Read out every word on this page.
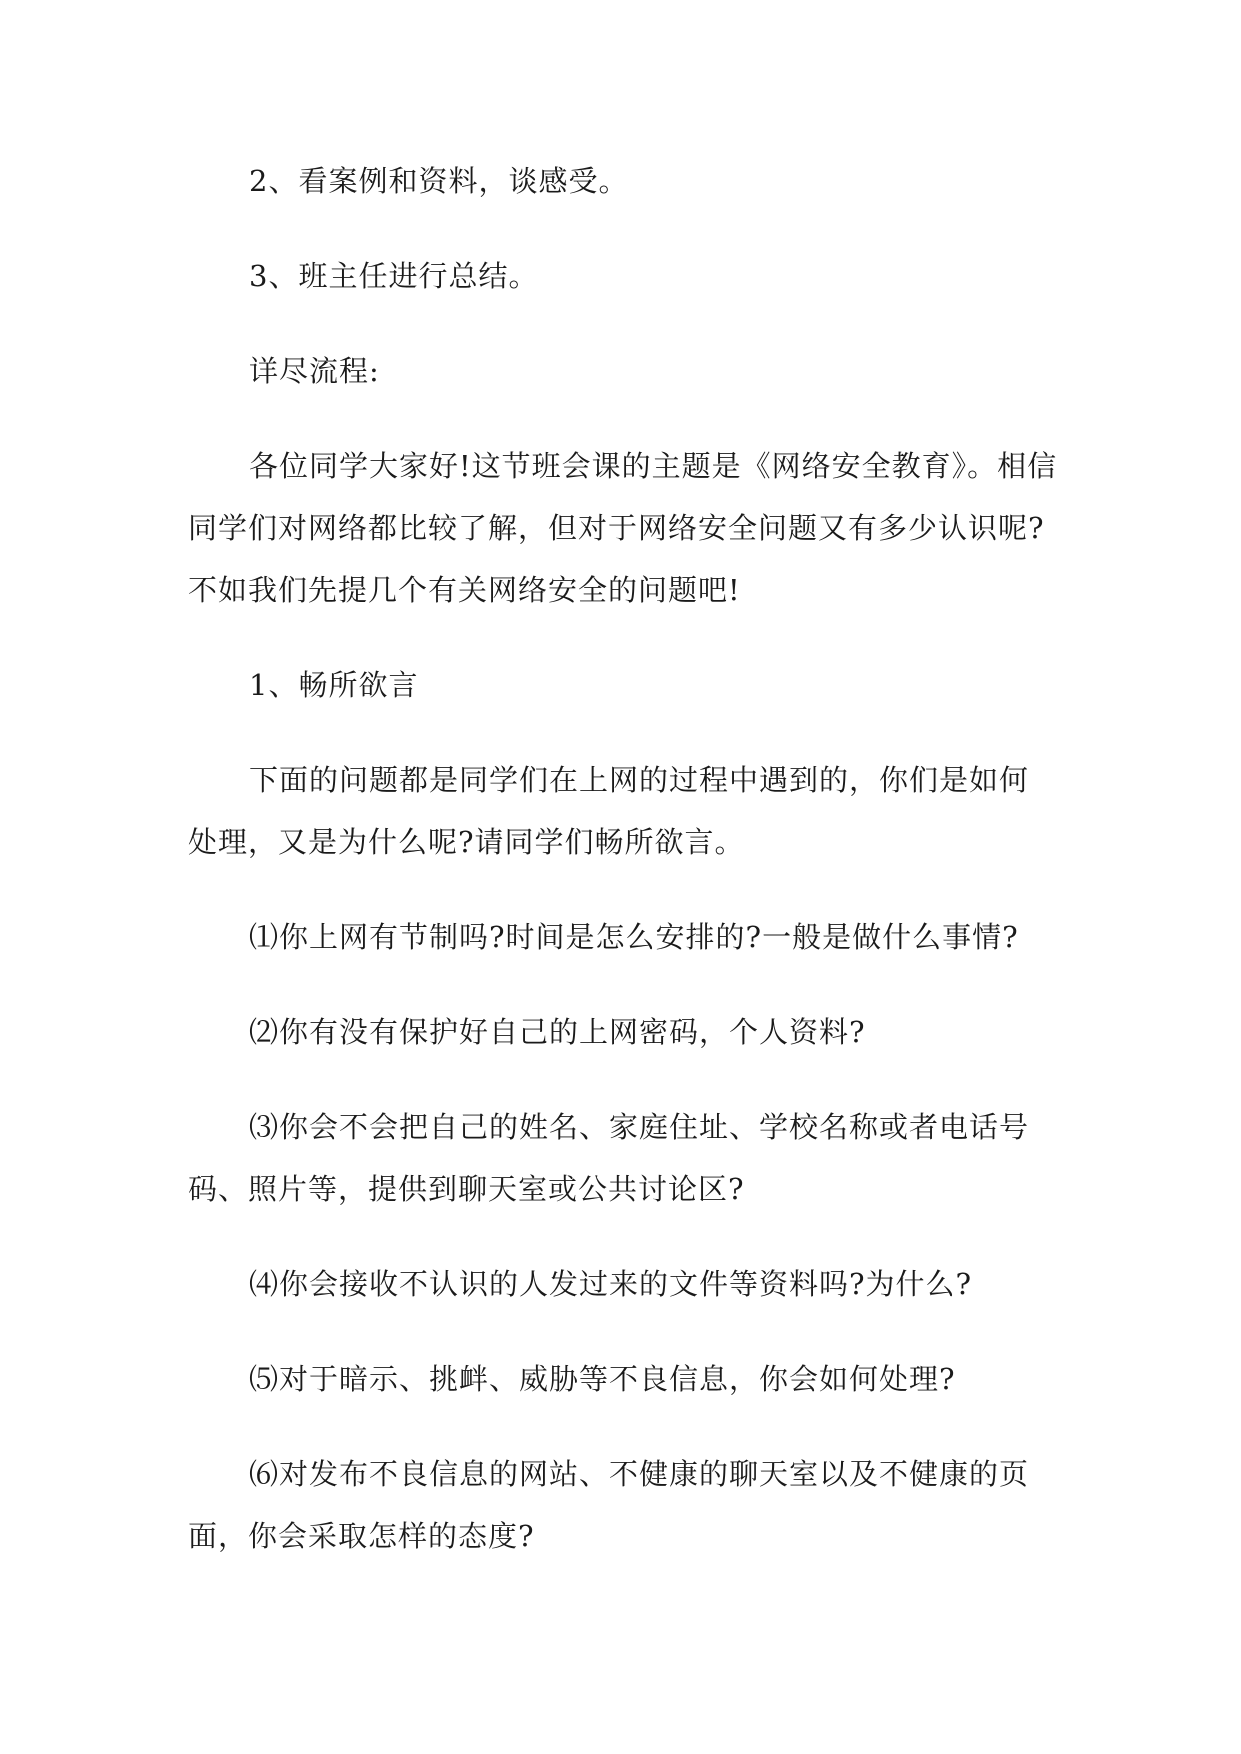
2、看案例和资料，谈感受。

3、班主任进行总结。

详尽流程:

各位同学大家好!这节班会课的主题是《网络安全教育》。相信同学们对网络都比较了解，但对于网络安全问题又有多少认识呢?不如我们先提几个有关网络安全的问题吧!

1、畅所欲言

下面的问题都是同学们在上网的过程中遇到的，你们是如何处理，又是为什么呢?请同学们畅所欲言。

⑴你上网有节制吗?时间是怎么安排的?一般是做什么事情?

⑵你有没有保护好自己的上网密码，个人资料?

⑶你会不会把自己的姓名、家庭住址、学校名称或者电话号码、照片等，提供到聊天室或公共讨论区?

⑷你会接收不认识的人发过来的文件等资料吗?为什么?

⑸对于暗示、挑衅、威胁等不良信息，你会如何处理?

⑹对发布不良信息的网站、不健康的聊天室以及不健康的页面，你会采取怎样的态度?
